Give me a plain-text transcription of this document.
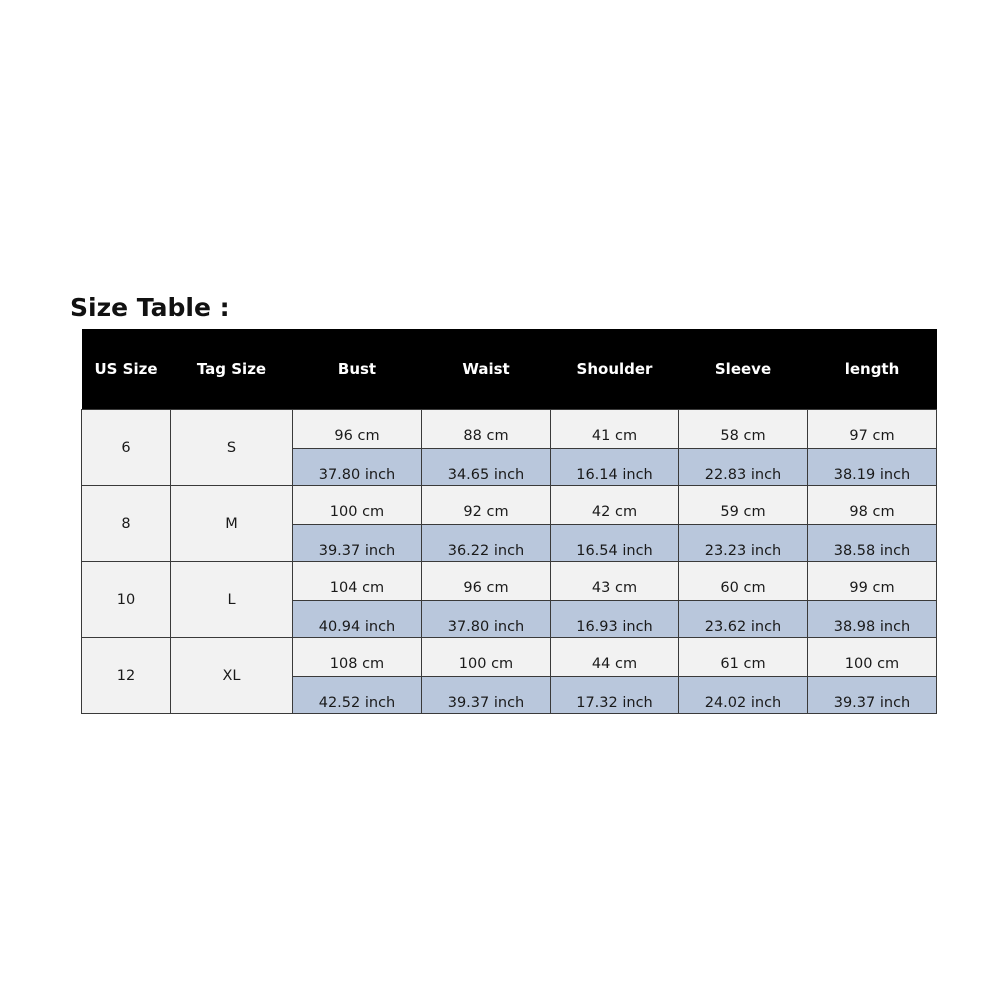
Size Table :
US Size	Tag Size	Bust	Waist	Shoulder	Sleeve	length
6	S	96 cm	88 cm	41 cm	58 cm	97 cm
		37.80 inch	34.65 inch	16.14 inch	22.83 inch	38.19 inch
8	M	100 cm	92 cm	42 cm	59 cm	98 cm
		39.37 inch	36.22 inch	16.54 inch	23.23 inch	38.58 inch
10	L	104 cm	96 cm	43 cm	60 cm	99 cm
		40.94 inch	37.80 inch	16.93 inch	23.62 inch	38.98 inch
12	XL	108 cm	100 cm	44 cm	61 cm	100 cm
		42.52 inch	39.37 inch	17.32 inch	24.02 inch	39.37 inch
